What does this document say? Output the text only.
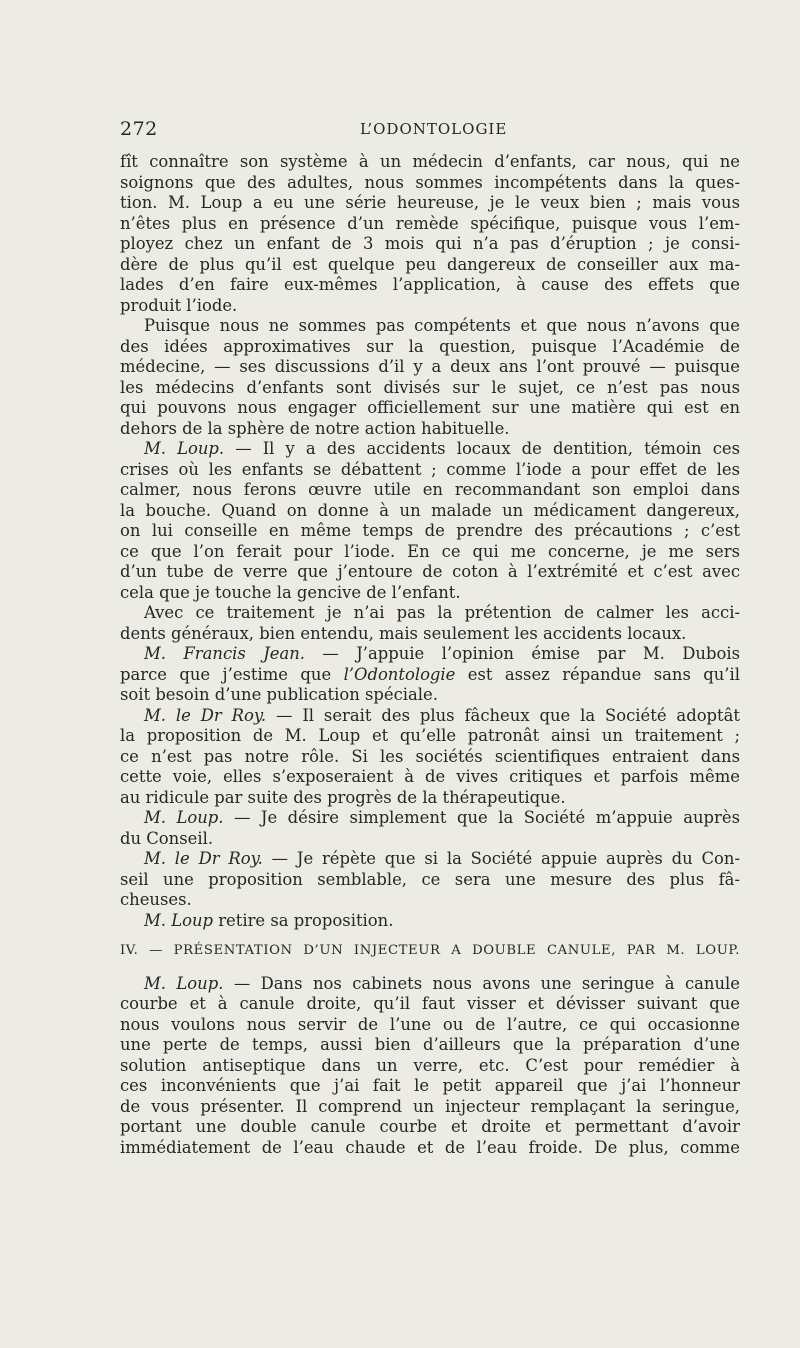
272	L’ODONTOLOGIE
fît connaître son système à un médecin d’enfants, car nous, qui ne
soignons que des adultes, nous sommes incompétents dans la ques-
tion. M. Loup a eu une série heureuse, je le veux bien ; mais vous
n’êtes plus en présence d’un remède spécifique, puisque vous l’em-
ployez chez un enfant de 3 mois qui n’a pas d’éruption ; je consi-
dère de plus qu’il est quelque peu dangereux de conseiller aux ma-
lades d’en faire eux-mêmes l’application, à cause des effets que
produit l’iode.
Puisque nous ne sommes pas compétents et que nous n’avons que
des idées approximatives sur la question, puisque l’Académie de
médecine, — ses discussions d’il y a deux ans l’ont prouvé — puisque
les médecins d’enfants sont divisés sur le sujet, ce n’est pas nous
qui pouvons nous engager officiellement sur une matière qui est en
dehors de la sphère de notre action habituelle.
M. Loup. — Il y a des accidents locaux de dentition, témoin ces
crises où les enfants se débattent ; comme l’iode a pour effet de les
calmer, nous ferons œuvre utile en recommandant son emploi dans
la bouche. Quand on donne à un malade un médicament dangereux,
on lui conseille en même temps de prendre des précautions ; c’est
ce que l’on ferait pour l’iode. En ce qui me concerne, je me sers
d’un tube de verre que j’entoure de coton à l’extrémité et c’est avec
cela que je touche la gencive de l’enfant.
Avec ce traitement je n’ai pas la prétention de calmer les acci-
dents généraux, bien entendu, mais seulement les accidents locaux.
M. Francis Jean. — J’appuie l’opinion émise par M. Dubois
parce que j’estime que l’Odontologie est assez répandue sans qu’il
soit besoin d’une publication spéciale.
M. le Dr Roy. — Il serait des plus fâcheux que la Société adoptât
la proposition de M. Loup et qu’elle patronât ainsi un traitement ;
ce n’est pas notre rôle. Si les sociétés scientifiques entraient dans
cette voie, elles s’exposeraient à de vives critiques et parfois même
au ridicule par suite des progrès de la thérapeutique.
M. Loup. — Je désire simplement que la Société m’appuie auprès
du Conseil.
M. le Dr Roy. — Je répète que si la Société appuie auprès du Con-
seil une proposition semblable, ce sera une mesure des plus fâ-
cheuses.
M. Loup retire sa proposition.
IV. — PRÉSENTATION D’UN INJECTEUR A DOUBLE CANULE, PAR M. LOUP.
M. Loup. — Dans nos cabinets nous avons une seringue à canule
courbe et à canule droite, qu’il faut visser et dévisser suivant que
nous voulons nous servir de l’une ou de l’autre, ce qui occasionne
une perte de temps, aussi bien d’ailleurs que la préparation d’une
solution antiseptique dans un verre, etc. C’est pour remédier à
ces inconvénients que j’ai fait le petit appareil que j’ai l’honneur
de vous présenter. Il comprend un injecteur remplaçant la seringue,
portant une double canule courbe et droite et permettant d’avoir
immédiatement de l’eau chaude et de l’eau froide. De plus, comme
